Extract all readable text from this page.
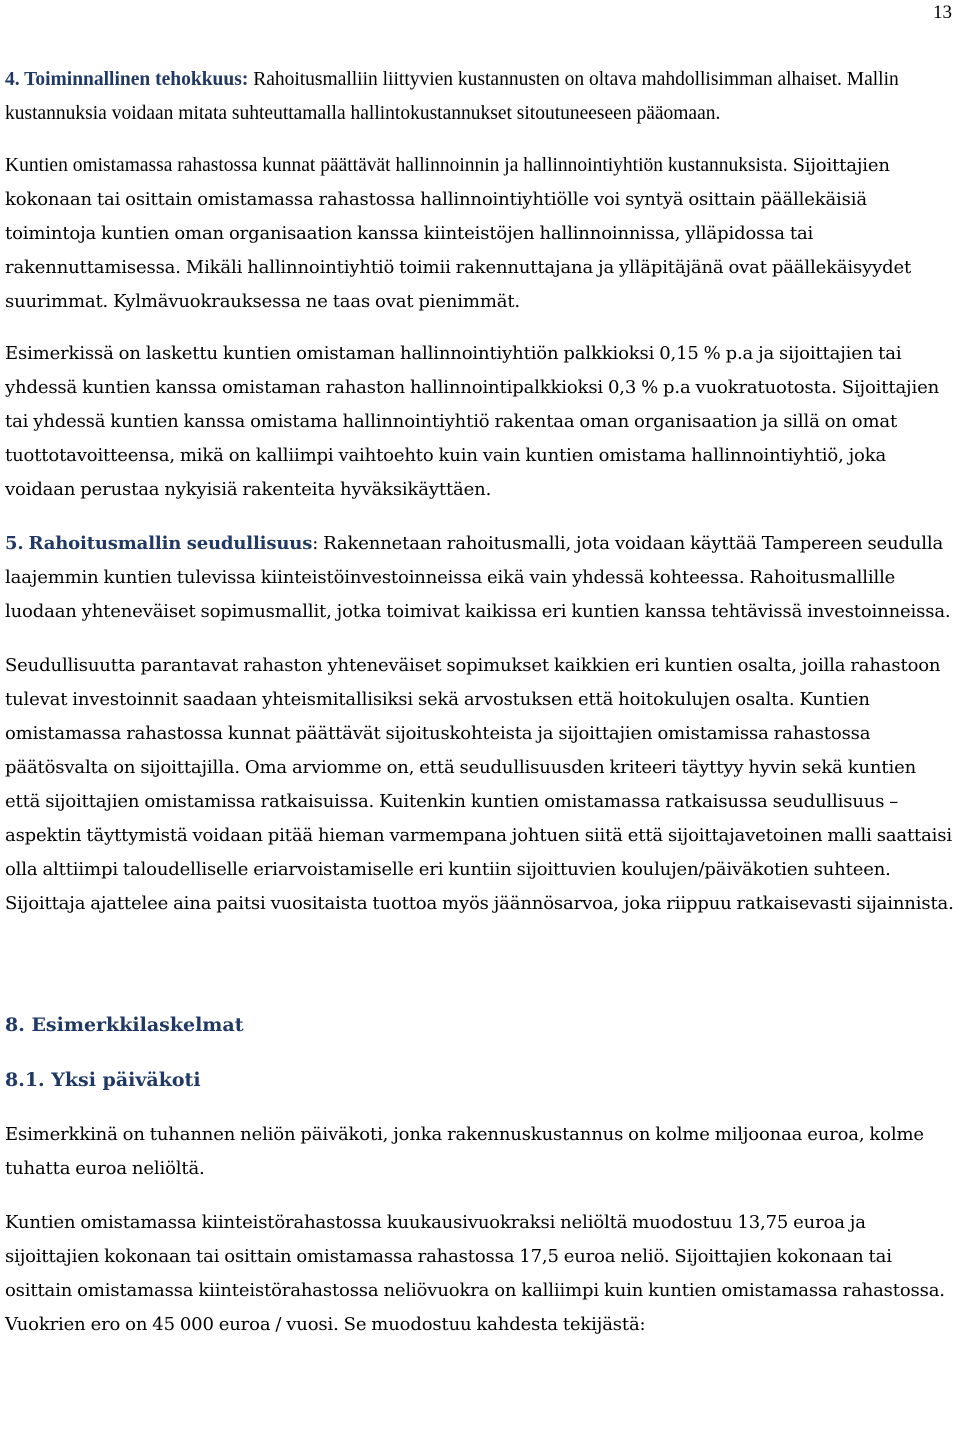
13

4. Toiminnallinen tehokkuus: Rahoitusmalliin liittyvien kustannusten on oltava mahdollisimman alhaiset. Mallin kustannuksia voidaan mitata suhteuttamalla hallintokustannukset sitoutuneeseen pääomaan.

Kuntien omistamassa rahastossa kunnat päättävät hallinnoinnin ja hallinnointiyhtiön kustannuksista. Sijoittajien kokonaan tai osittain omistamassa rahastossa hallinnointiyhtiölle voi syntyä osittain päällekäisiä toimintoja kuntien oman organisaation kanssa kiinteistöjen hallinnoinnissa, ylläpidossa tai rakennuttamisessa. Mikäli hallinnointiyhtiö toimii rakennuttajana ja ylläpitäjänä ovat päällekäisyydet suurimmat. Kylmävuokrauksessa ne taas ovat pienimmät.

Esimerkissä on laskettu kuntien omistaman hallinnointiyhtiön palkkioksi 0,15 % p.a ja sijoittajien tai yhdessä kuntien kanssa omistaman rahaston hallinnointipalkkioksi 0,3 % p.a vuokratuotosta. Sijoittajien tai yhdessä kuntien kanssa omistama hallinnointiyhtiö rakentaa oman organisaation ja sillä on omat tuottotavoitteensa, mikä on kalliimpi vaihtoehto kuin vain kuntien omistama hallinnointiyhtiö, joka voidaan perustaa nykyisiä rakenteita hyväksikäyttäen.

5. Rahoitusmallin seudullisuus: Rakennetaan rahoitusmalli, jota voidaan käyttää Tampereen seudulla laajemmin kuntien tulevissa kiinteistöinvestoinneissa eikä vain yhdessä kohteessa. Rahoitusmallille luodaan yhteneväiset sopimusmallit, jotka toimivat kaikissa eri kuntien kanssa tehtävissä investoinneissa.

Seudullisuutta parantavat rahaston yhteneväiset sopimukset kaikkien eri kuntien osalta, joilla rahastoon tulevat investoinnit saadaan yhteismitallisiksi sekä arvostuksen että hoitokulujen osalta. Kuntien omistamassa rahastossa kunnat päättävät sijoituskohteista ja sijoittajien omistamissa rahastossa päätösvalta on sijoittajilla. Oma arviomme on, että seudullisuusden kriteeri täyttyy hyvin sekä kuntien että sijoittajien omistamissa ratkaisuissa. Kuitenkin kuntien omistamassa ratkaisussa seudullisuus –aspektin täyttymistä voidaan pitää hieman varmempana johtuen siitä että sijoittajavetoinen malli saattaisi olla alttiimpi taloudelliselle eriarvoistamiselle eri kuntiin sijoittuvien koulujen/päiväkotien suhteen. Sijoittaja ajattelee aina paitsi vuositaista tuottoa myös jäännösarvoa, joka riippuu ratkaisevasti sijainnista.

8. Esimerkkilaskelmat
8.1. Yksi päiväkoti

Esimerkkinä on tuhannen neliön päiväkoti, jonka rakennuskustannus on kolme miljoonaa euroa, kolme tuhatta euroa neliöltä.

Kuntien omistamassa kiinteistörahastossa kuukausivuokraksi neliöltä muodostuu 13,75 euroa ja sijoittajien kokonaan tai osittain omistamassa rahastossa 17,5 euroa neliö. Sijoittajien kokonaan tai osittain omistamassa kiinteistörahastossa neliövuokra on kalliimpi kuin kuntien omistamassa rahastossa. Vuokrien ero on 45 000 euroa / vuosi. Se muodostuu kahdesta tekijästä:
